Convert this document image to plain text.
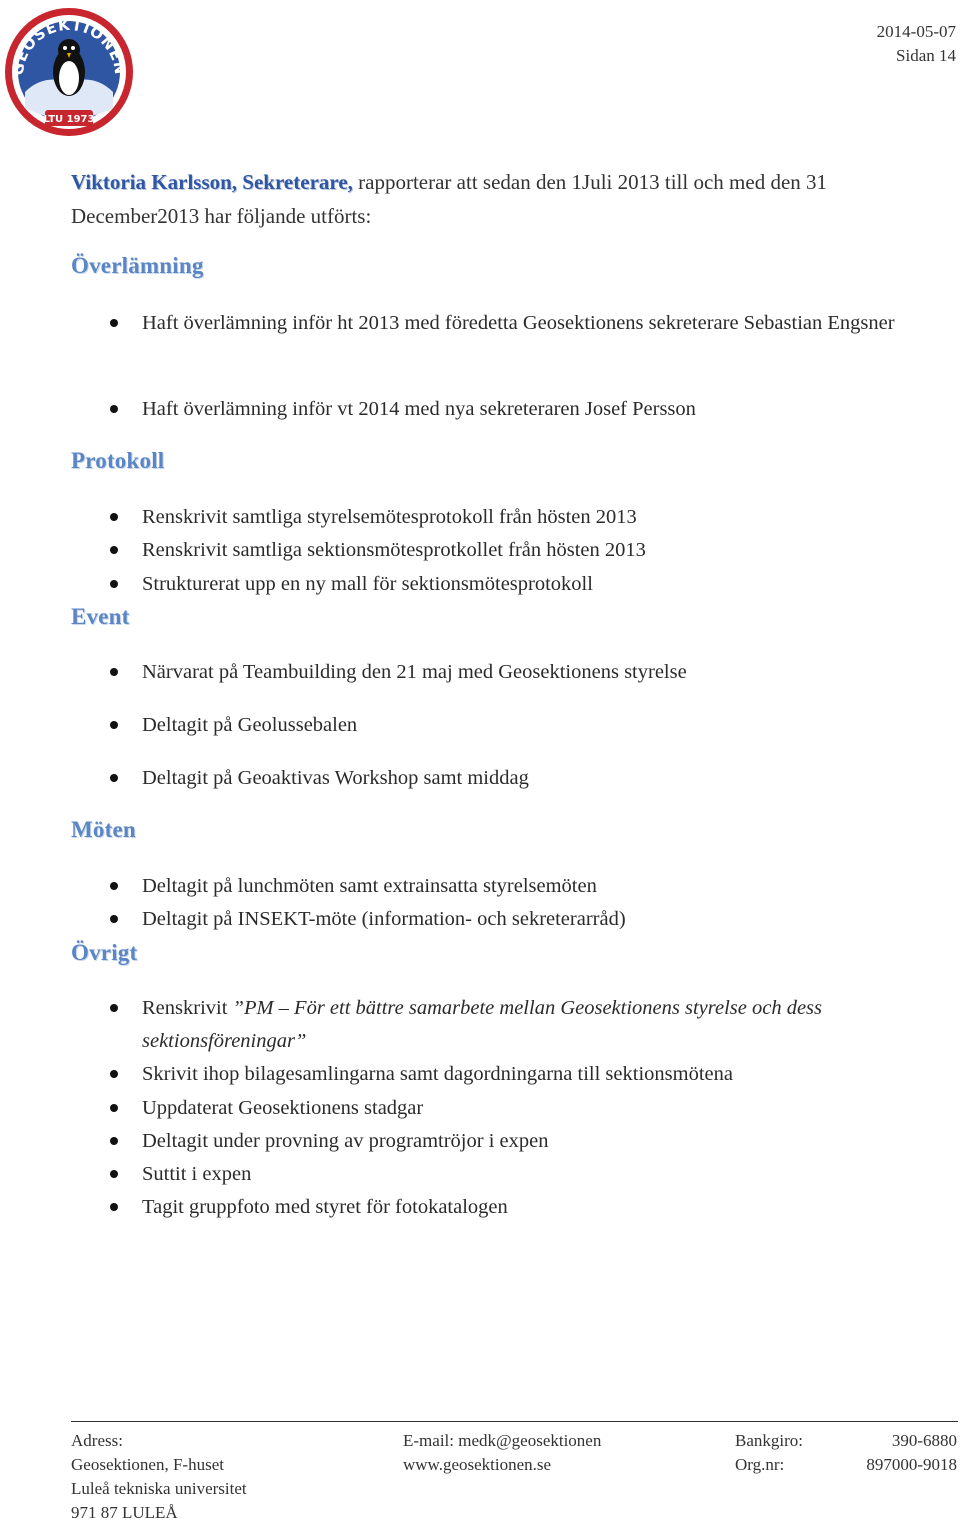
GEOSEKTIONEN
LTU 1973
2014-05-07
Sidan 14
Viktoria Karlsson, Sekreterare, rapporterar att sedan den 1Juli 2013 till och med den 31 December2013 har följande utförts:
Överlämning
Haft överlämning inför ht 2013 med föredetta Geosektionens sekreterare Sebastian Engsner
Haft överlämning inför vt 2014 med nya sekreteraren Josef Persson
Protokoll
Renskrivit samtliga styrelsemötesprotokoll från hösten 2013
Renskrivit samtliga sektionsmötesprotkollet från hösten 2013
Strukturerat upp en ny mall för sektionsmötesprotokoll
Event
Närvarat på Teambuilding den 21 maj med Geosektionens styrelse
Deltagit på Geolussebalen
Deltagit på Geoaktivas Workshop samt middag
Möten
Deltagit på lunchmöten samt extrainsatta styrelsemöten
Deltagit på INSEKT-möte (information- och sekreterarråd)
Övrigt
Renskrivit ”PM – För ett bättre samarbete mellan Geosektionens styrelse och dess sektionsföreningar”
Skrivit ihop bilagesamlingarna samt dagordningarna till sektionsmötena
Uppdaterat Geosektionens stadgar
Deltagit under provning av programtröjor i expen
Suttit i expen
Tagit gruppfoto med styret för fotokatalogen
Adress:
Geosektionen, F-huset
Luleå tekniska universitet
971 87 LULEÅ
E-mail: medk@geosektionen
www.geosektionen.se
Bankgiro:
Org.nr:
390-6880
897000-9018
